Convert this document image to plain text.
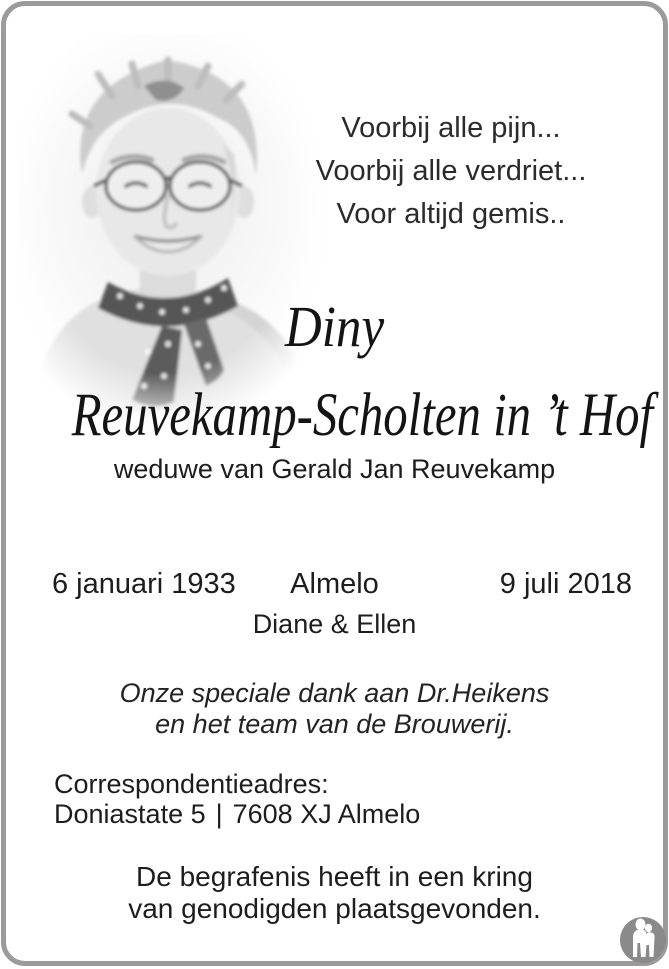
Voorbij alle pijn...
Voorbij alle verdriet...
Voor altijd gemis..
Diny
Reuvekamp-Scholten in ’t Hof
weduwe van Gerald Jan Reuvekamp
6 januari 1933	Almelo	9 juli 2018
Diane & Ellen
Onze speciale dank aan Dr.Heikens
en het team van de Brouwerij.
Correspondentieadres:
Doniastate 5 | 7608 XJ Almelo
De begrafenis heeft in een kring
van genodigden plaatsgevonden.
